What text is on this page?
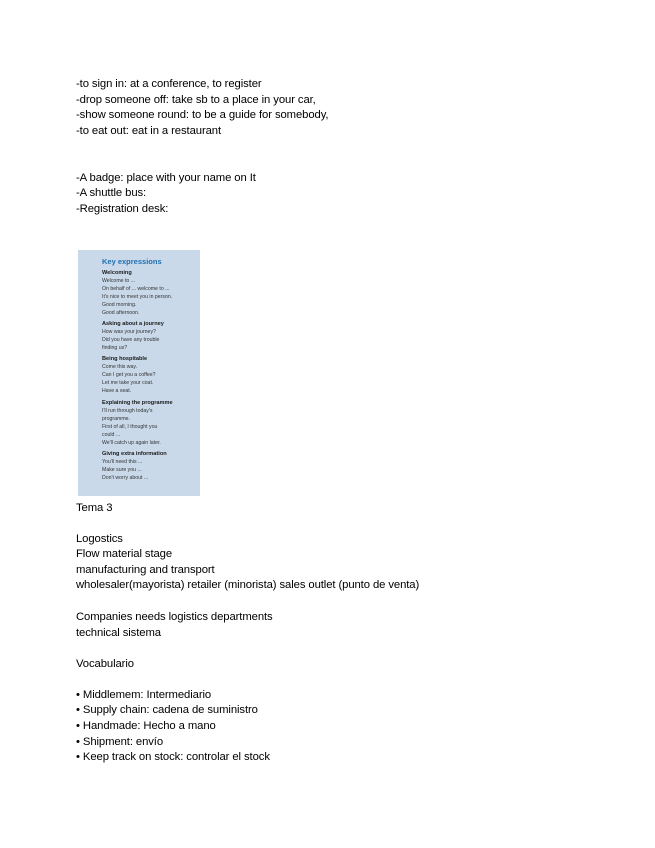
-to sign in: at a conference, to register
-drop someone off: take sb to a place in your car,
-show someone round: to be a guide for somebody,
-to eat out: eat in a restaurant
-A badge: place with your name on It
-A shuttle bus:
-Registration desk:
Key expressions
Welcoming
Welcome to ...
On behalf of ... welcome to ...
It's nice to meet you in person.
Good morning.
Good afternoon.
Asking about a journey
How was your journey?
Did you have any trouble
finding us?
Being hospitable
Come this way.
Can I get you a coffee?
Let me take your coat.
Have a seat.
Explaining the programme
I'll run through today's
programme.
First of all, I thought you
could ...
We'll catch up again later.
Giving extra information
You'll need this ...
Make sure you ...
Don't worry about ...
Tema 3
Logostics
Flow material stage
manufacturing and transport
wholesaler(mayorista) retailer (minorista) sales outlet (punto de venta)
Companies needs logistics departments
technical sistema
Vocabulario
• Middlemem: Intermediario
• Supply chain: cadena de suministro
• Handmade: Hecho a mano
• Shipment: envío
• Keep track on stock: controlar el stock
